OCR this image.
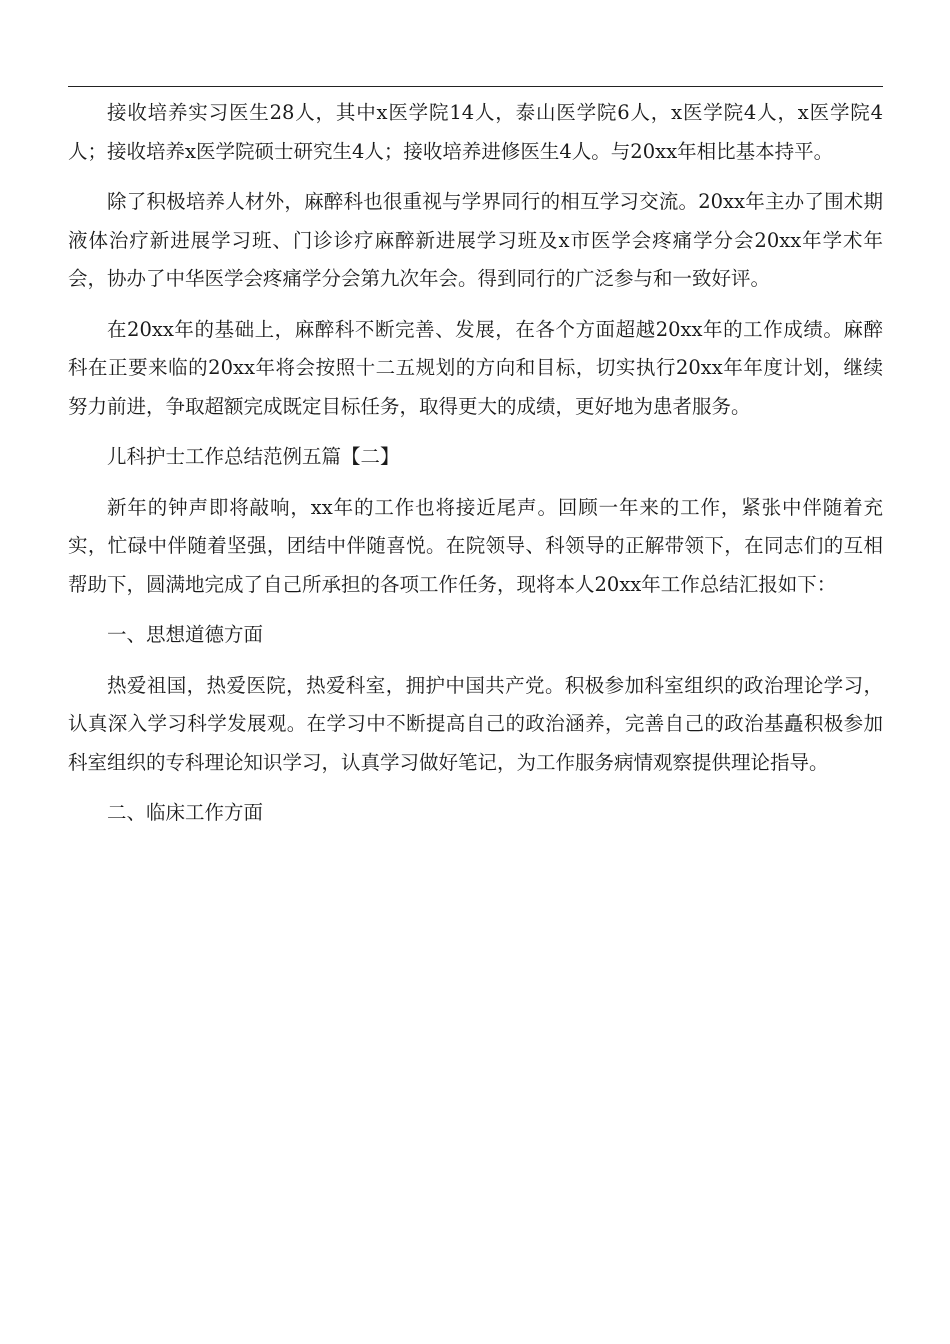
接收培养实习医生28人，其中x医学院14人，泰山医学院6人，x医学院4人，x医学院4人；接收培养x医学院硕士研究生4人；接收培养进修医生4人。与20xx年相比基本持平。

除了积极培养人材外，麻醉科也很重视与学界同行的相互学习交流。20xx年主办了围术期液体治疗新进展学习班、门诊诊疗麻醉新进展学习班及x市医学会疼痛学分会20xx年学术年会，协办了中华医学会疼痛学分会第九次年会。得到同行的广泛参与和一致好评。

在20xx年的基础上，麻醉科不断完善、发展，在各个方面超越20xx年的工作成绩。麻醉科在正要来临的20xx年将会按照十二五规划的方向和目标，切实执行20xx年年度计划，继续努力前进，争取超额完成既定目标任务，取得更大的成绩，更好地为患者服务。

儿科护士工作总结范例五篇【二】

新年的钟声即将敲响，xx年的工作也将接近尾声。回顾一年来的工作，紧张中伴随着充实，忙碌中伴随着坚强，团结中伴随喜悦。在院领导、科领导的正解带领下，在同志们的互相帮助下，圆满地完成了自己所承担的各项工作任务，现将本人20xx年工作总结汇报如下：

一、思想道德方面

热爱祖国，热爱医院，热爱科室，拥护中国共产党。积极参加科室组织的政治理论学习，认真深入学习科学发展观。在学习中不断提高自己的政治涵养，完善自己的政治基矗积极参加科室组织的专科理论知识学习，认真学习做好笔记，为工作服务病情观察提供理论指导。

二、临床工作方面
